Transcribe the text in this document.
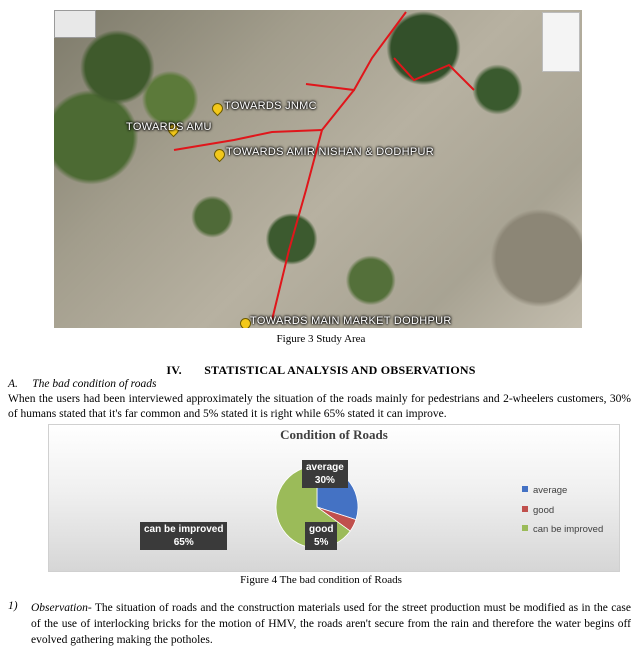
TOWARDS JNMC
TOWARDS AMU
TOWARDS AMIR NISHAN & DODHPUR
TOWARDS MAIN MARKET DODHPUR
Figure 3 Study Area
IV. STATISTICAL ANALYSIS AND OBSERVATIONS
A. The bad condition of roads
When the users had been interviewed approximately the situation of the roads mainly for pedestrians and 2-wheelers customers, 30% of humans stated that it's far common and 5% stated it is right while 65% stated it can improve.
Condition of Roads
average
30%
good
5%
can be improved
65%
average
good
can be improved
Figure 4 The bad condition of Roads
1) Observation- The situation of roads and the construction materials used for the street production must be modified as in the case of the use of interlocking bricks for the motion of HMV, the roads aren't secure from the rain and therefore the water begins off evolved gathering making the potholes.
